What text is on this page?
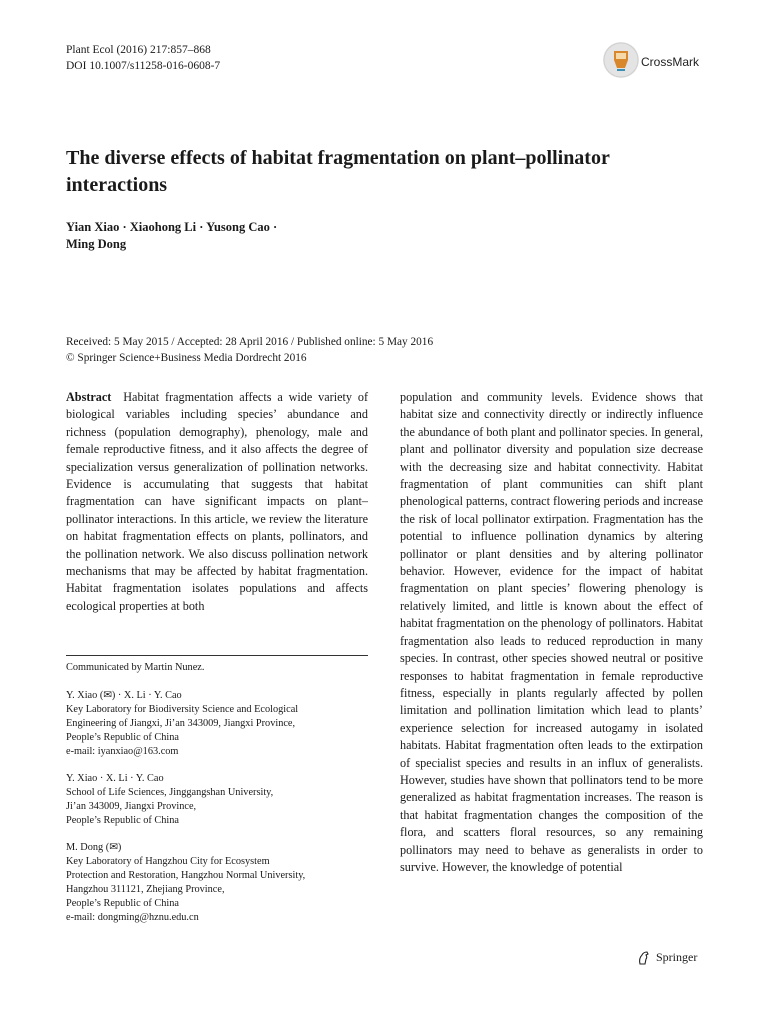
Plant Ecol (2016) 217:857–868
DOI 10.1007/s11258-016-0608-7	CrossMark
The diverse effects of habitat fragmentation on plant–pollinator interactions
Yian Xiao · Xiaohong Li · Yusong Cao ·
Ming Dong
Received: 5 May 2015 / Accepted: 28 April 2016 / Published online: 5 May 2016
© Springer Science+Business Media Dordrecht 2016
Abstract Habitat fragmentation affects a wide variety of biological variables including species’ abundance and richness (population demography), phenology, male and female reproductive fitness, and it also affects the degree of specialization versus generalization of pollination networks. Evidence is accumulating that suggests that habitat fragmentation can have significant impacts on plant–pollinator interactions. In this article, we review the literature on habitat fragmentation effects on plants, pollinators, and the pollination network. We also discuss pollination network mechanisms that may be affected by habitat fragmentation. Habitat fragmentation isolates populations and affects ecological properties at both
population and community levels. Evidence shows that habitat size and connectivity directly or indirectly influence the abundance of both plant and pollinator species. In general, plant and pollinator diversity and population size decrease with the decreasing size and habitat connectivity. Habitat fragmentation of plant communities can shift plant phenological patterns, contract flowering periods and increase the risk of local pollinator extirpation. Fragmentation has the potential to influence pollination dynamics by altering pollinator or plant densities and by altering pollinator behavior. However, evidence for the impact of habitat fragmentation on plant species’ flowering phenology is relatively limited, and little is known about the effect of habitat fragmentation on the phenology of pollinators. Habitat fragmentation also leads to reduced reproduction in many species. In contrast, other species showed neutral or positive responses to habitat fragmentation in female reproductive fitness, especially in plants regularly affected by pollen limitation and pollination limitation which lead to plants’ experience selection for increased autogamy in isolated habitats. Habitat fragmentation often leads to the extirpation of specialist species and results in an influx of generalists. However, studies have shown that pollinators tend to be more generalized as habitat fragmentation increases. The reason is that habitat fragmentation changes the composition of the flora, and scatters floral resources, so any remaining pollinators may need to behave as generalists in order to survive. However, the knowledge of potential
Communicated by Martin Nunez.
Y. Xiao (✉) · X. Li · Y. Cao
Key Laboratory for Biodiversity Science and Ecological
Engineering of Jiangxi, Ji’an 343009, Jiangxi Province,
People’s Republic of China
e-mail: iyanxiao@163.com
Y. Xiao · X. Li · Y. Cao
School of Life Sciences, Jinggangshan University,
Ji’an 343009, Jiangxi Province,
People’s Republic of China
M. Dong (✉)
Key Laboratory of Hangzhou City for Ecosystem
Protection and Restoration, Hangzhou Normal University,
Hangzhou 311121, Zhejiang Province,
People’s Republic of China
e-mail: dongming@hznu.edu.cn
Springer
